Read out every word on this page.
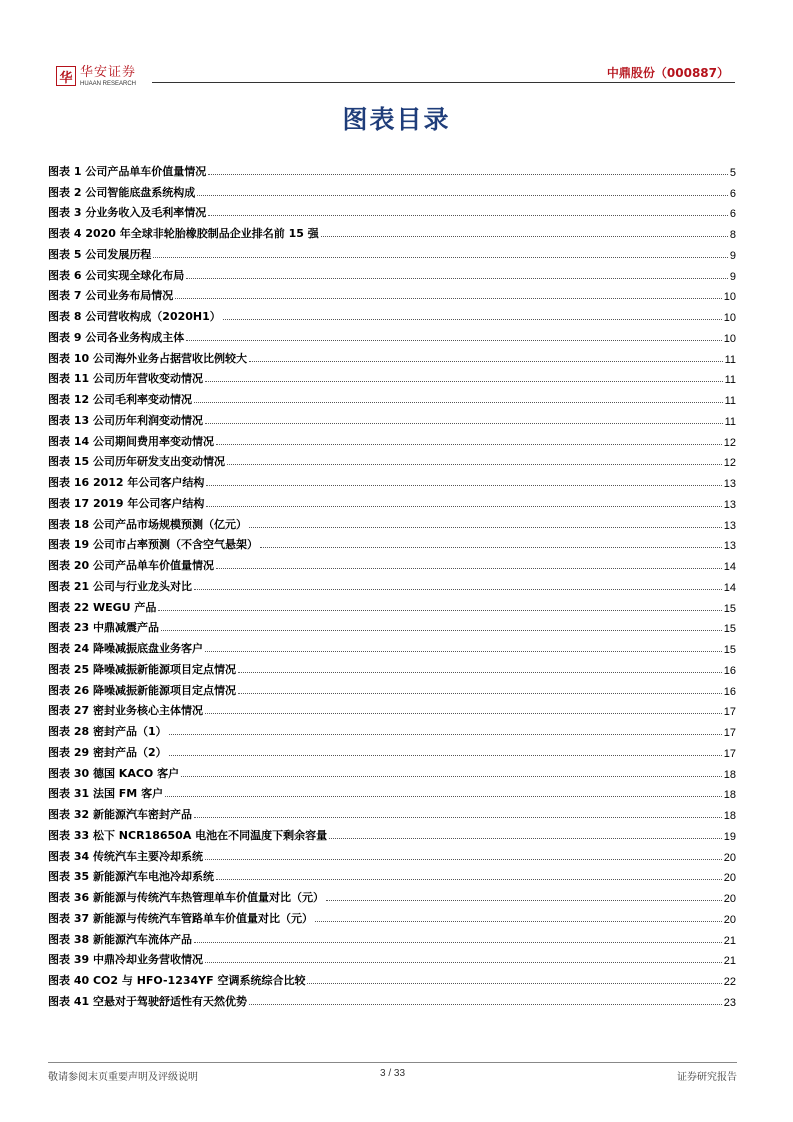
华 华安证券
HUAAN RESEARCH
中鼎股份（000887）
图表目录
图表 1 公司产品单车价值量情况	5
图表 2 公司智能底盘系统构成	6
图表 3 分业务收入及毛利率情况	6
图表 4 2020 年全球非轮胎橡胶制品企业排名前 15 强	8
图表 5 公司发展历程	9
图表 6 公司实现全球化布局	9
图表 7 公司业务布局情况	10
图表 8 公司营收构成（2020H1）	10
图表 9 公司各业务构成主体	10
图表 10 公司海外业务占据营收比例较大	11
图表 11 公司历年营收变动情况	11
图表 12 公司毛利率变动情况	11
图表 13 公司历年利润变动情况	11
图表 14 公司期间费用率变动情况	12
图表 15 公司历年研发支出变动情况	12
图表 16 2012 年公司客户结构	13
图表 17 2019 年公司客户结构	13
图表 18 公司产品市场规模预测（亿元）	13
图表 19 公司市占率预测（不含空气悬架）	13
图表 20 公司产品单车价值量情况	14
图表 21 公司与行业龙头对比	14
图表 22 WEGU 产品	15
图表 23 中鼎减震产品	15
图表 24 降噪减振底盘业务客户	15
图表 25 降噪减振新能源项目定点情况	16
图表 26 降噪减振新能源项目定点情况	16
图表 27 密封业务核心主体情况	17
图表 28 密封产品（1）	17
图表 29 密封产品（2）	17
图表 30 德国 KACO 客户	18
图表 31 法国 FM 客户	18
图表 32 新能源汽车密封产品	18
图表 33 松下 NCR18650A 电池在不同温度下剩余容量	19
图表 34 传统汽车主要冷却系统	20
图表 35 新能源汽车电池冷却系统	20
图表 36 新能源与传统汽车热管理单车价值量对比（元）	20
图表 37 新能源与传统汽车管路单车价值量对比（元）	20
图表 38 新能源汽车流体产品	21
图表 39 中鼎冷却业务营收情况	21
图表 40 CO2 与 HFO-1234YF 空调系统综合比较	22
图表 41 空悬对于驾驶舒适性有天然优势	23
敬请参阅末页重要声明及评级说明	3 / 33	证券研究报告
